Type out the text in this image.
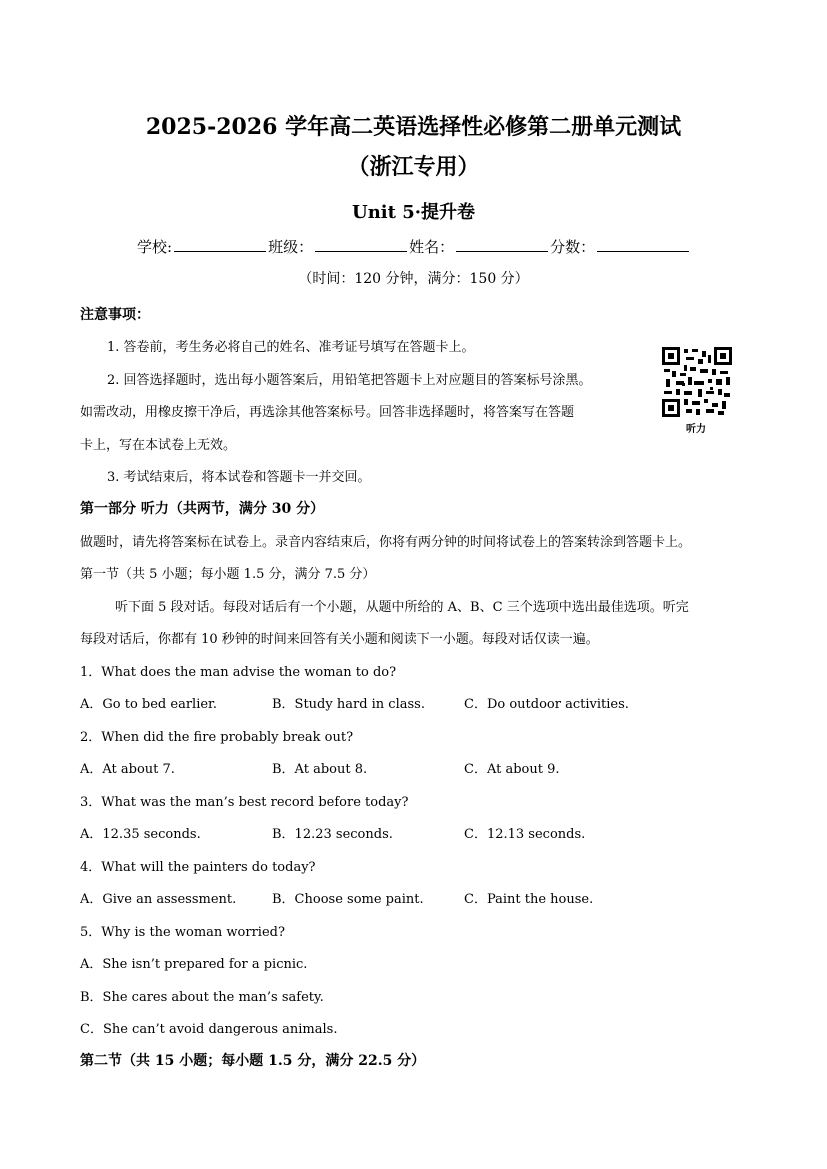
2025-2026 学年高二英语选择性必修第二册单元测试
（浙江专用）
Unit 5·提升卷
学校:	班级：	姓名：	分数：
（时间：120 分钟，满分：150 分）
注意事项：
1. 答卷前，考生务必将自己的姓名、准考证号填写在答题卡上。
2. 回答选择题时，选出每小题答案后，用铅笔把答题卡上对应题目的答案标号涂黑。
如需改动，用橡皮擦干净后，再选涂其他答案标号。回答非选择题时，将答案写在答题
卡上，写在本试卷上无效。
3. 考试结束后，将本试卷和答题卡一并交回。
听力
第一部分 听力（共两节，满分 30 分）
做题时，请先将答案标在试卷上。录音内容结束后，你将有两分钟的时间将试卷上的答案转涂到答题卡上。
第一节（共 5 小题；每小题 1.5 分，满分 7.5 分）
听下面 5 段对话。每段对话后有一个小题，从题中所给的 A、B、C 三个选项中选出最佳选项。听完
每段对话后，你都有 10 秒钟的时间来回答有关小题和阅读下一小题。每段对话仅读一遍。
1．What does the man advise the woman to do?
A．Go to bed earlier.	B．Study hard in class.	C．Do outdoor activities.
2．When did the fire probably break out?
A．At about 7.	B．At about 8.	C．At about 9.
3．What was the man’s best record before today?
A．12.35 seconds.	B．12.23 seconds.	C．12.13 seconds.
4．What will the painters do today?
A．Give an assessment.	B．Choose some paint.	C．Paint the house.
5．Why is the woman worried?
A．She isn’t prepared for a picnic.
B．She cares about the man’s safety.
C．She can’t avoid dangerous animals.
第二节（共 15 小题；每小题 1.5 分，满分 22.5 分）
